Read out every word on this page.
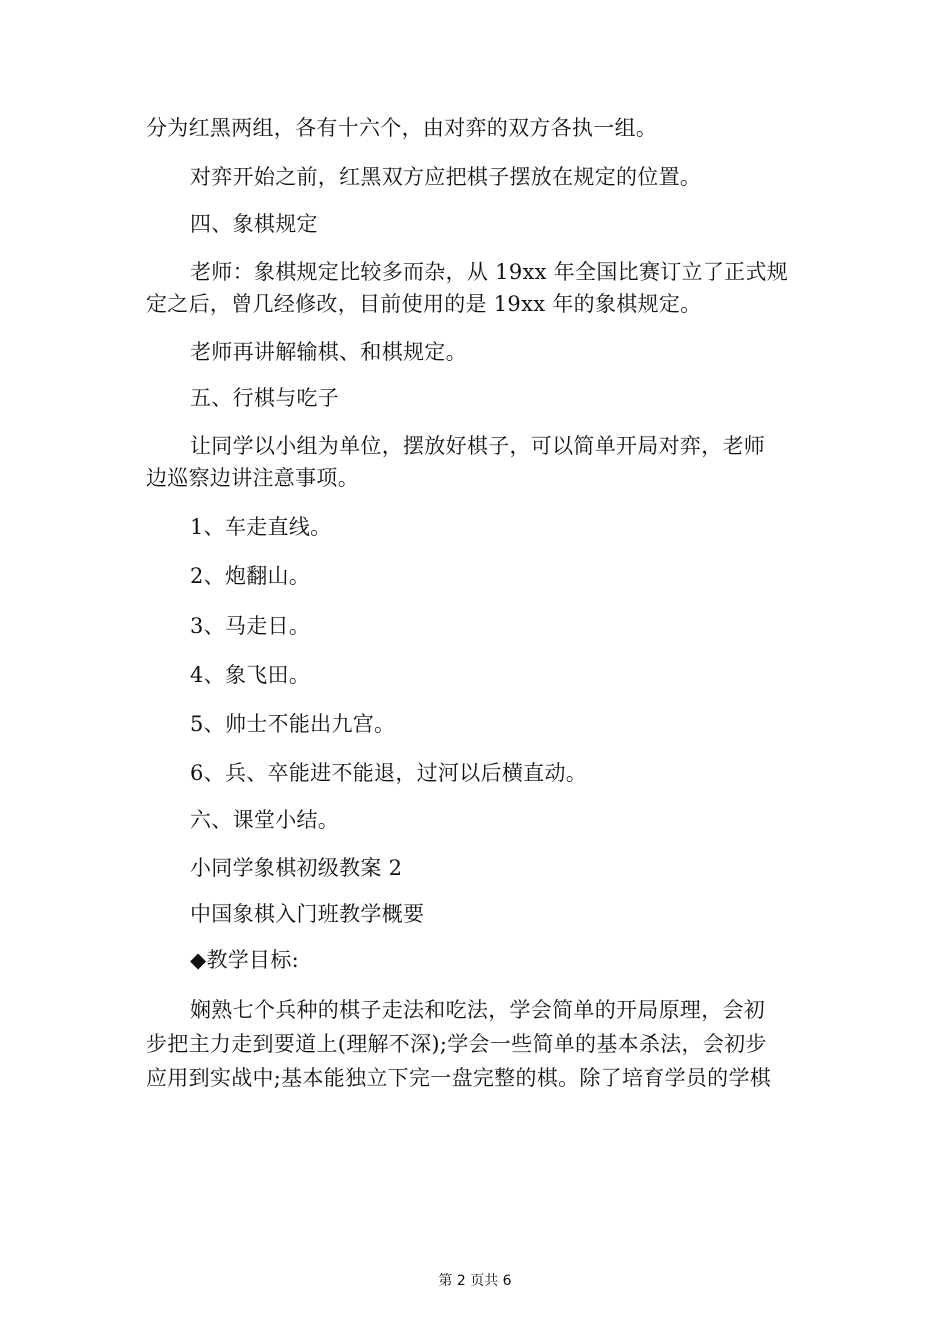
分为红黑两组，各有十六个，由对弈的双方各执一组。
对弈开始之前，红黑双方应把棋子摆放在规定的位置。
四、象棋规定
老师：象棋规定比较多而杂，从 19xx 年全国比赛订立了正式规
定之后，曾几经修改，目前使用的是 19xx 年的象棋规定。
老师再讲解输棋、和棋规定。
五、行棋与吃子
让同学以小组为单位，摆放好棋子，可以简单开局对弈，老师
边巡察边讲注意事项。
1、车走直线。
2、炮翻山。
3、马走日。
4、象飞田。
5、帅士不能出九宫。
6、兵、卒能进不能退，过河以后横直动。
六、课堂小结。
小同学象棋初级教案 2
中国象棋入门班教学概要
◆教学目标:
娴熟七个兵种的棋子走法和吃法，学会简单的开局原理，会初
步把主力走到要道上(理解不深);学会一些简单的基本杀法，会初步
应用到实战中;基本能独立下完一盘完整的棋。除了培育学员的学棋
第 2 页共 6
